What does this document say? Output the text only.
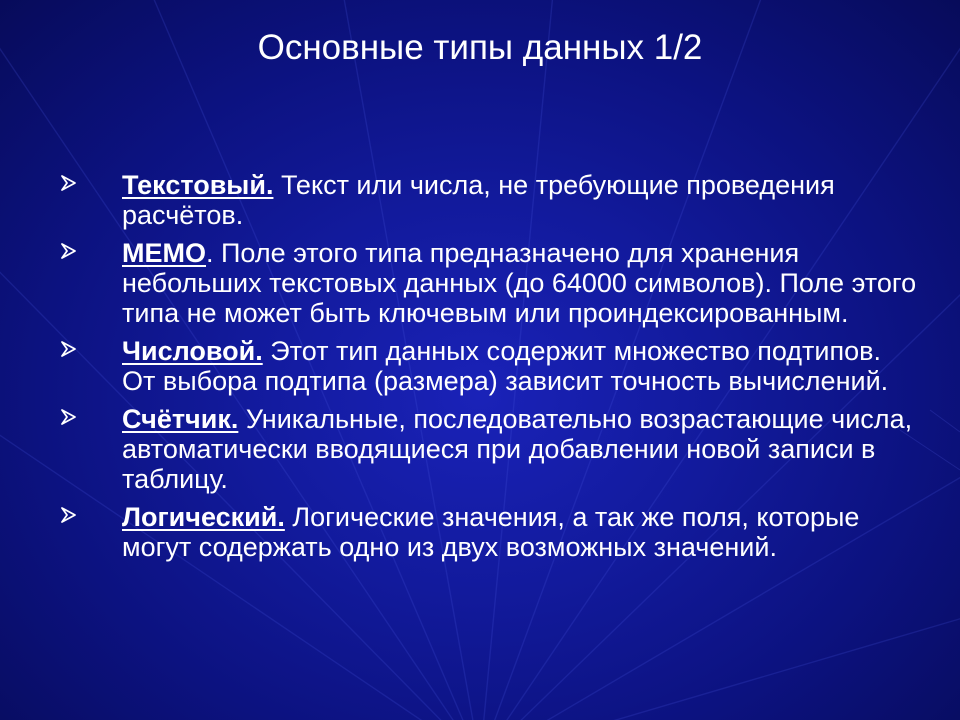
Основные типы данных 1/2
Текстовый. Текст или числа, не требующие проведения расчётов.
МЕМО. Поле этого типа предназначено для хранения небольших текстовых данных (до 64000 символов). Поле этого типа не может быть ключевым или проиндексированным.
Числовой. Этот тип данных содержит множество подтипов. От выбора подтипа (размера) зависит точность вычислений.
Счётчик. Уникальные, последовательно возрастающие числа, автоматически вводящиеся при добавлении новой записи в таблицу.
Логический. Логические значения, а так же поля, которые могут содержать одно из двух возможных значений.
